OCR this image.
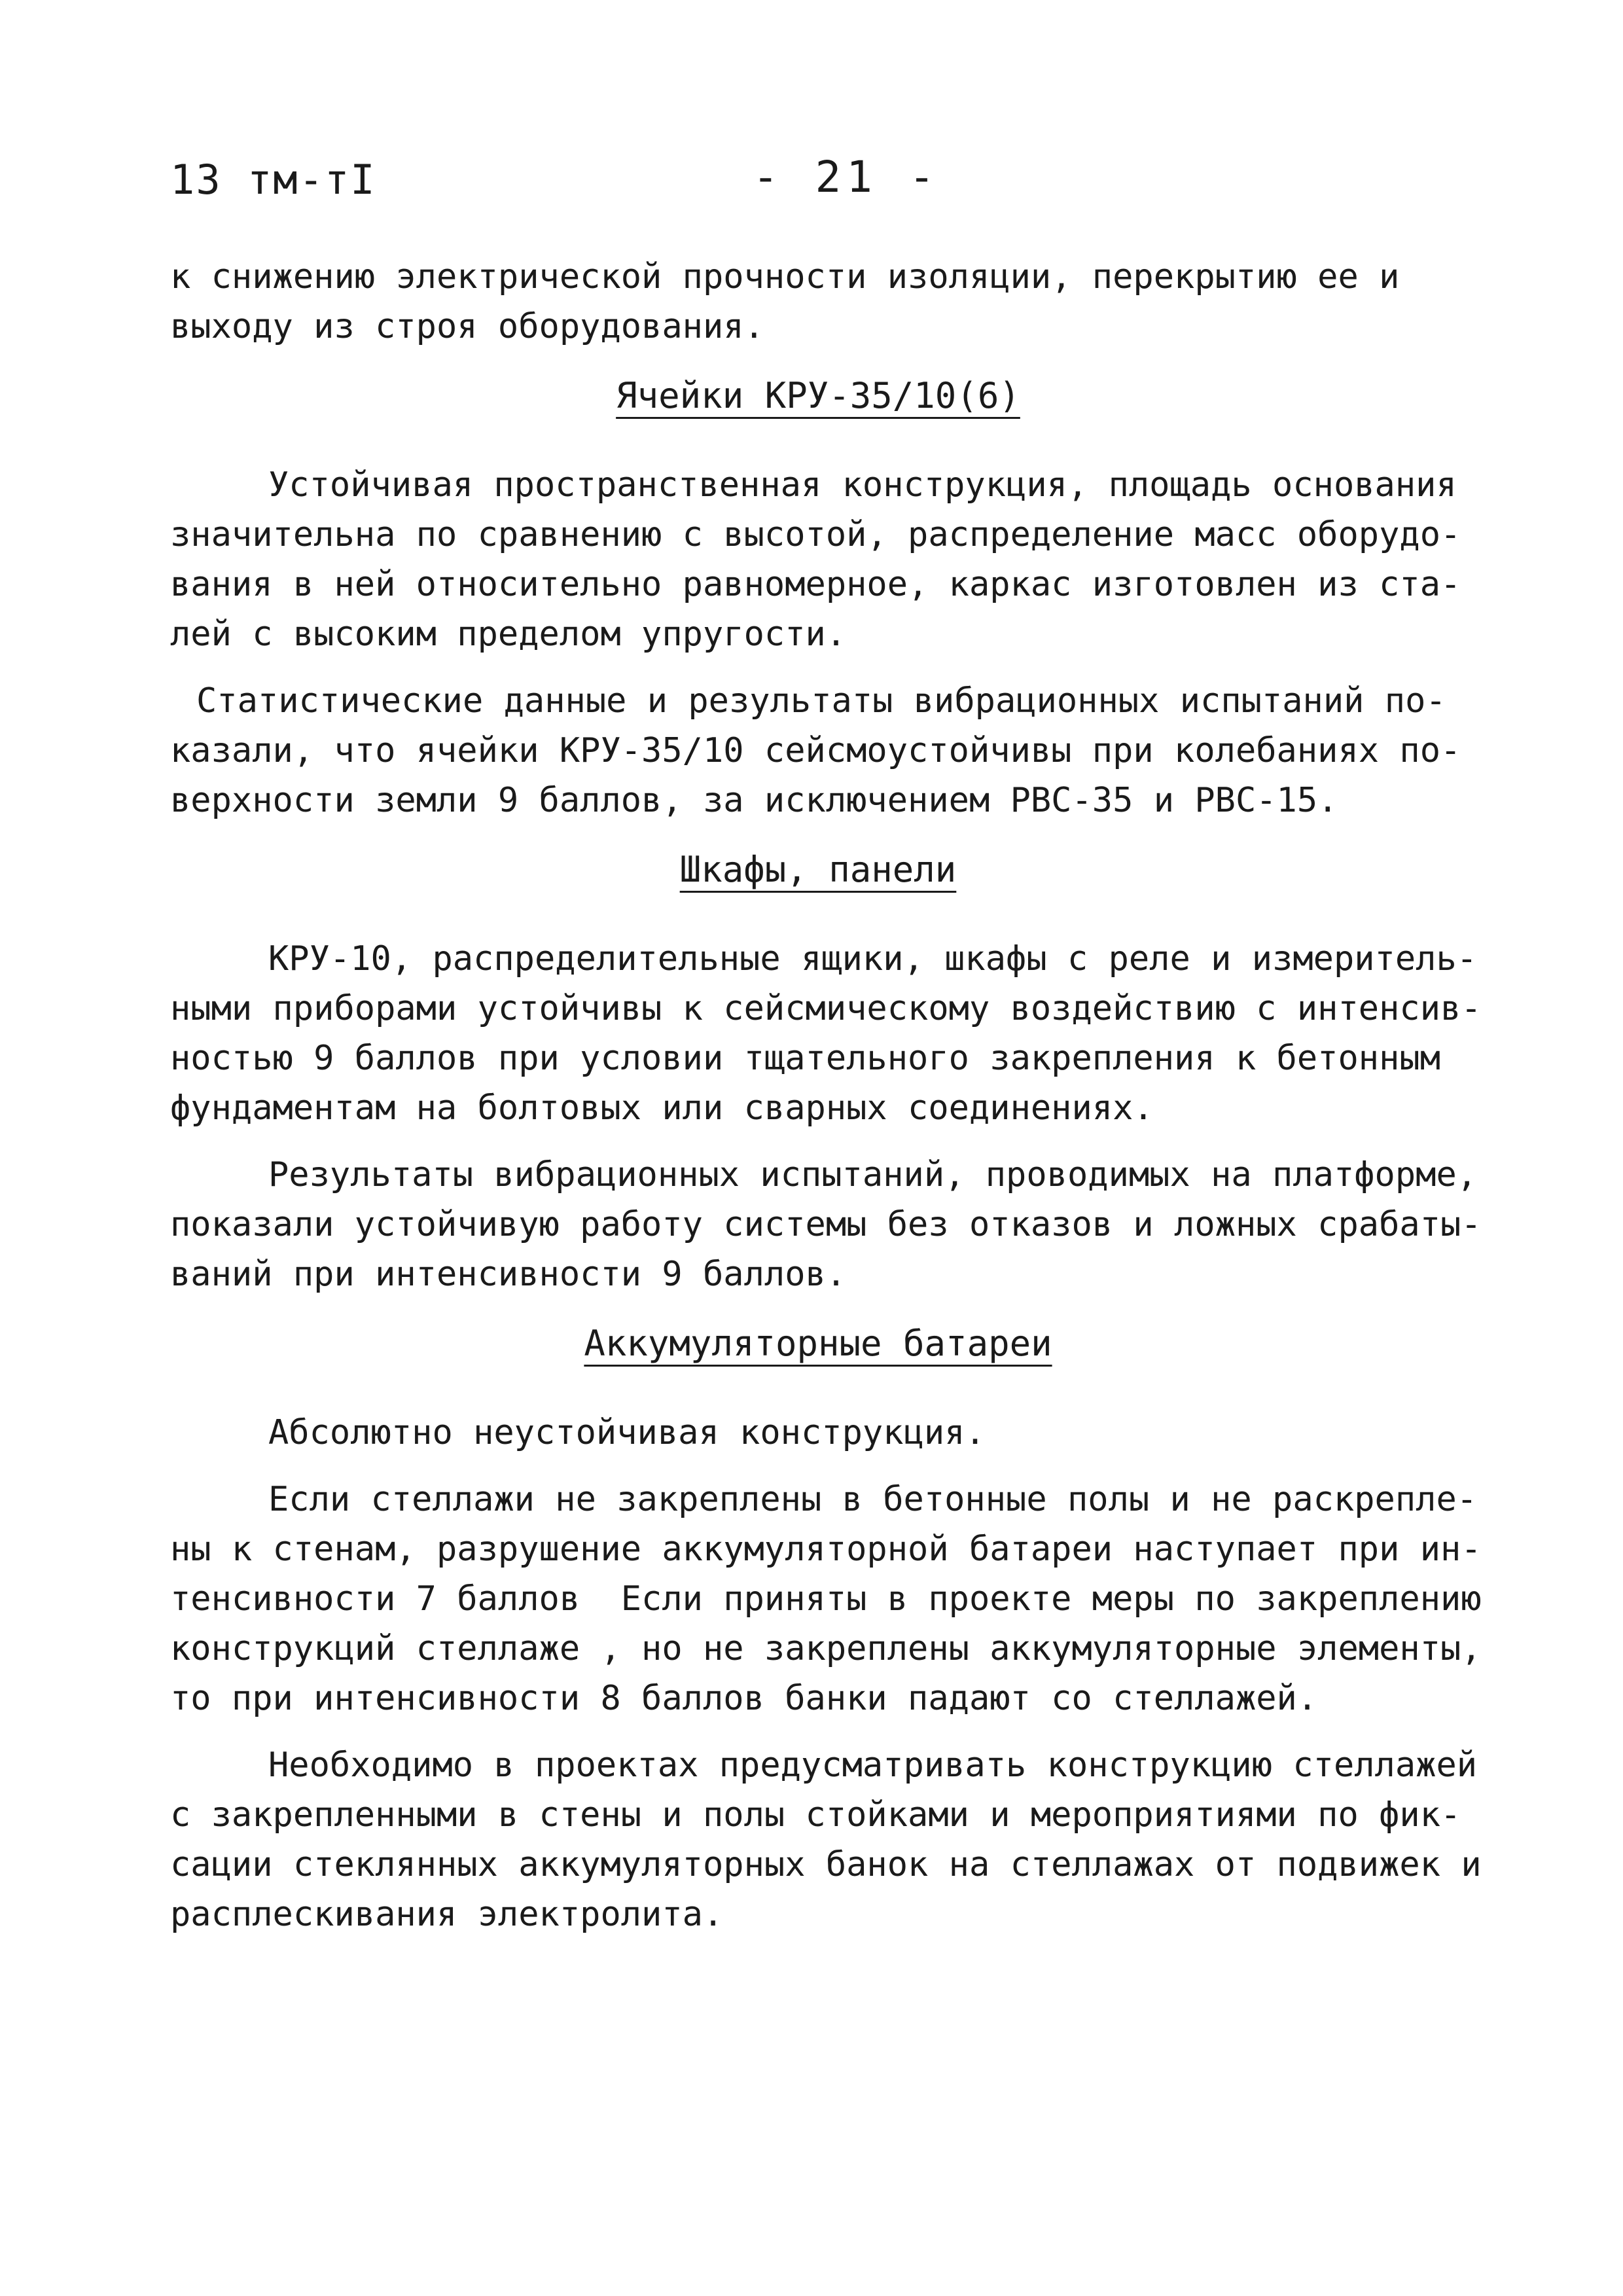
13 тм-тI	- 21 -

к снижению электрической прочности изоляции, перекрытию ее и
выходу из строя оборудования.

Ячейки КРУ-35/10(6)

Устойчивая пространственная конструкция, площадь основания
значительна по сравнению с высотой, распределение масс оборудо-
вания в ней относительно равномерное, каркас изготовлен из ста-
лей с высоким пределом упругости.

Статистические данные и результаты вибрационных испытаний по-
казали, что ячейки КРУ-35/10 сейсмоустойчивы при колебаниях по-
верхности земли 9 баллов, за исключением РВС-35 и РВС-15.

Шкафы, панели

КРУ-10, распределительные ящики, шкафы с реле и измеритель-
ными приборами устойчивы к сейсмическому воздействию с интенсив-
ностью 9 баллов при условии тщательного закрепления к бетонным
фундаментам на болтовых или сварных соединениях.

Результаты вибрационных испытаний, проводимых на платформе,
показали устойчивую работу системы без отказов и ложных срабаты-
ваний при интенсивности 9 баллов.

Аккумуляторные батареи

Абсолютно неустойчивая конструкция.

Если стеллажи не закреплены в бетонные полы и не раскрепле-
ны к стенам, разрушение аккумуляторной батареи наступает при ин-
тенсивности 7 баллов  Если приняты в проекте меры по закреплению
конструкций стеллаже , но не закреплены аккумуляторные элементы,
то при интенсивности 8 баллов банки падают со стеллажей.

Необходимо в проектах предусматривать конструкцию стеллажей
с закрепленными в стены и полы стойками и мероприятиями по фик-
сации стеклянных аккумуляторных банок на стеллажах от подвижек и
расплескивания электролита.
